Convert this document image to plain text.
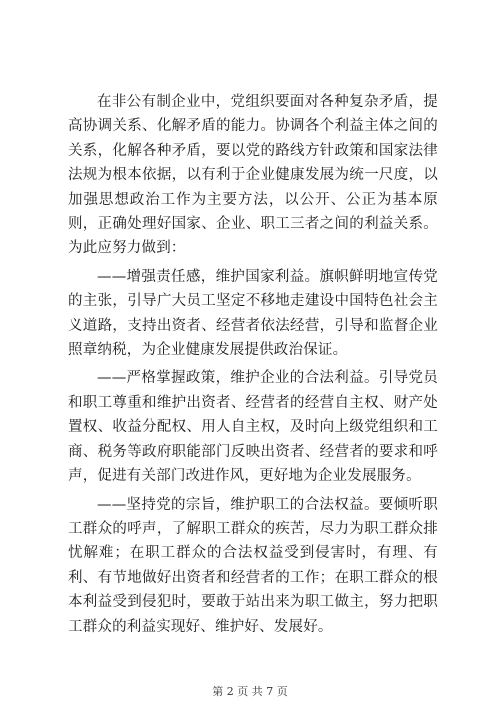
在非公有制企业中，党组织要面对各种复杂矛盾，提高协调关系、化解矛盾的能力。协调各个利益主体之间的关系，化解各种矛盾，要以党的路线方针政策和国家法律法规为根本依据，以有利于企业健康发展为统一尺度，以加强思想政治工作为主要方法，以公开、公正为基本原则，正确处理好国家、企业、职工三者之间的利益关系。为此应努力做到：

——增强责任感，维护国家利益。旗帜鲜明地宣传党的主张，引导广大员工坚定不移地走建设中国特色社会主义道路，支持出资者、经营者依法经营，引导和监督企业照章纳税，为企业健康发展提供政治保证。

——严格掌握政策，维护企业的合法利益。引导党员和职工尊重和维护出资者、经营者的经营自主权、财产处置权、收益分配权、用人自主权，及时向上级党组织和工商、税务等政府职能部门反映出资者、经营者的要求和呼声，促进有关部门改进作风，更好地为企业发展服务。

——坚持党的宗旨，维护职工的合法权益。要倾听职工群众的呼声，了解职工群众的疾苦，尽力为职工群众排忧解难；在职工群众的合法权益受到侵害时，有理、有利、有节地做好出资者和经营者的工作；在职工群众的根本利益受到侵犯时，要敢于站出来为职工做主，努力把职工群众的利益实现好、维护好、发展好。

第 2 页 共 7 页
